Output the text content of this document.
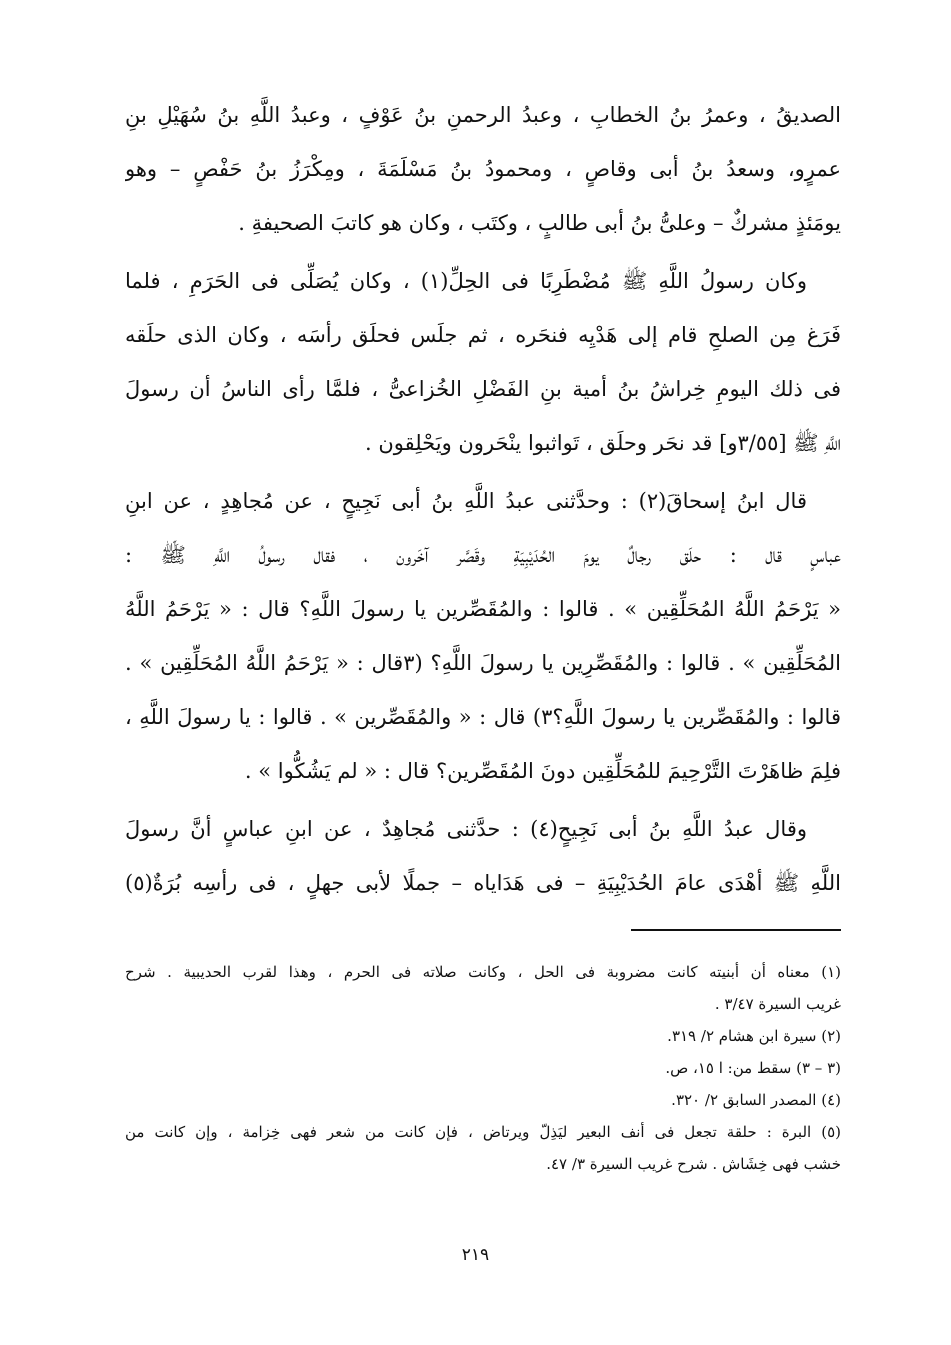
الصديقُ ، وعمرُ بنُ الخطابِ ، وعبدُ الرحمنِ بنُ عَوْفٍ ، وعبدُ اللَّهِ بنُ سُهَيْلِ بنِ
عمرٍو، وسعدُ بنُ أبى وقاصٍ ، ومحمودُ بنُ مَسْلَمَةَ ، ومِكْرَزُ بنُ حَفْصٍ – وهو
يومَئذٍ مشركٌ – وعلىُّ بنُ أبى طالبٍ ، وكتَب ، وكان هو كاتبَ الصحيفةِ .
وكان رسولُ اللَّهِ ﷺ مُضْطَرِبًا فى الحِلِّ(١) ، وكان يُصَلِّى فى الحَرَمِ ، فلما
فَرَغ مِن الصلحِ قام إلى هَدْيِه فنحَره ، ثم جلَس فحلَق رأسَه ، وكان الذى حلَقه
فى ذلك اليومِ خِراشُ بنُ أمية بنِ الفَضْلِ الخُزاعىُّ ، فلمَّا رأى الناسُ أن رسولَ
اللَّهِ ﷺ [٣/٥٥و] قد نحَر وحلَق ، تَواثبوا ينْحَرون ويَحْلِقون .
قال ابنُ إسحاقَ(٢) : وحدَّثنى عبدُ اللَّهِ بنُ أبى نَجِيحٍ ، عن مُجاهِدٍ ، عن ابنِ
عباسٍ قال : حلَق رجالٌ يومَ الحُدَيْبِيَةِ وقَصَّر آخَرون ، فقال رسولُ اللَّهِ ﷺ :
« يَرْحَمُ اللَّهُ المُحَلِّقِين » . قالوا : والمُقَصِّرين يا رسولَ اللَّهِ؟ قال : « يَرْحَمُ اللَّهُ
المُحَلِّقِين » . قالوا : والمُقَصِّرِين يا رسولَ اللَّهِ؟ (٣قال : « يَرْحَمُ اللَّهُ المُحَلِّقِين » .
قالوا : والمُقَصِّرين يا رسولَ اللَّهِ؟٣) قال : « والمُقَصِّرين » . قالوا : يا رسولَ اللَّهِ ،
فلِمَ ظاهَرْتَ التَّرْحِيمَ للمُحَلِّقِين دونَ المُقَصِّرين؟ قال : « لم يَشُكُّوا » .
وقال عبدُ اللَّهِ بنُ أبى نَجِيحٍ(٤) : حدَّثنى مُجاهِدٌ ، عن ابنِ عباسٍ أنَّ رسولَ
اللَّهِ ﷺ أهْدَى عامَ الحُدَيْبِيَةِ – فى هَدَاياه – جملًا لأبى جهلٍ ، فى رأسِه بُرَةٌ(٥)
(١) معناه أن أبنيته كانت مضروبة فى الحل ، وكانت صلاته فى الحرم ، وهذا لقرب الحديبية . شرح
غريب السيرة ٣/٤٧ .
(٢) سيرة ابن هشام ٢/ ٣١٩.
(٣ – ٣) سقط من: ا ١٥، ص.
(٤) المصدر السابق ٢/ ٣٢٠.
(٥) البرة : حلقة تجعل فى أنف البعير ليَذِلّ ويرتاض ، فإن كانت من شعر فهى خِزامة ، وإن كانت من
خشب فهى خِشَاش . شرح غريب السيرة ٣/ ٤٧.
٢١٩
